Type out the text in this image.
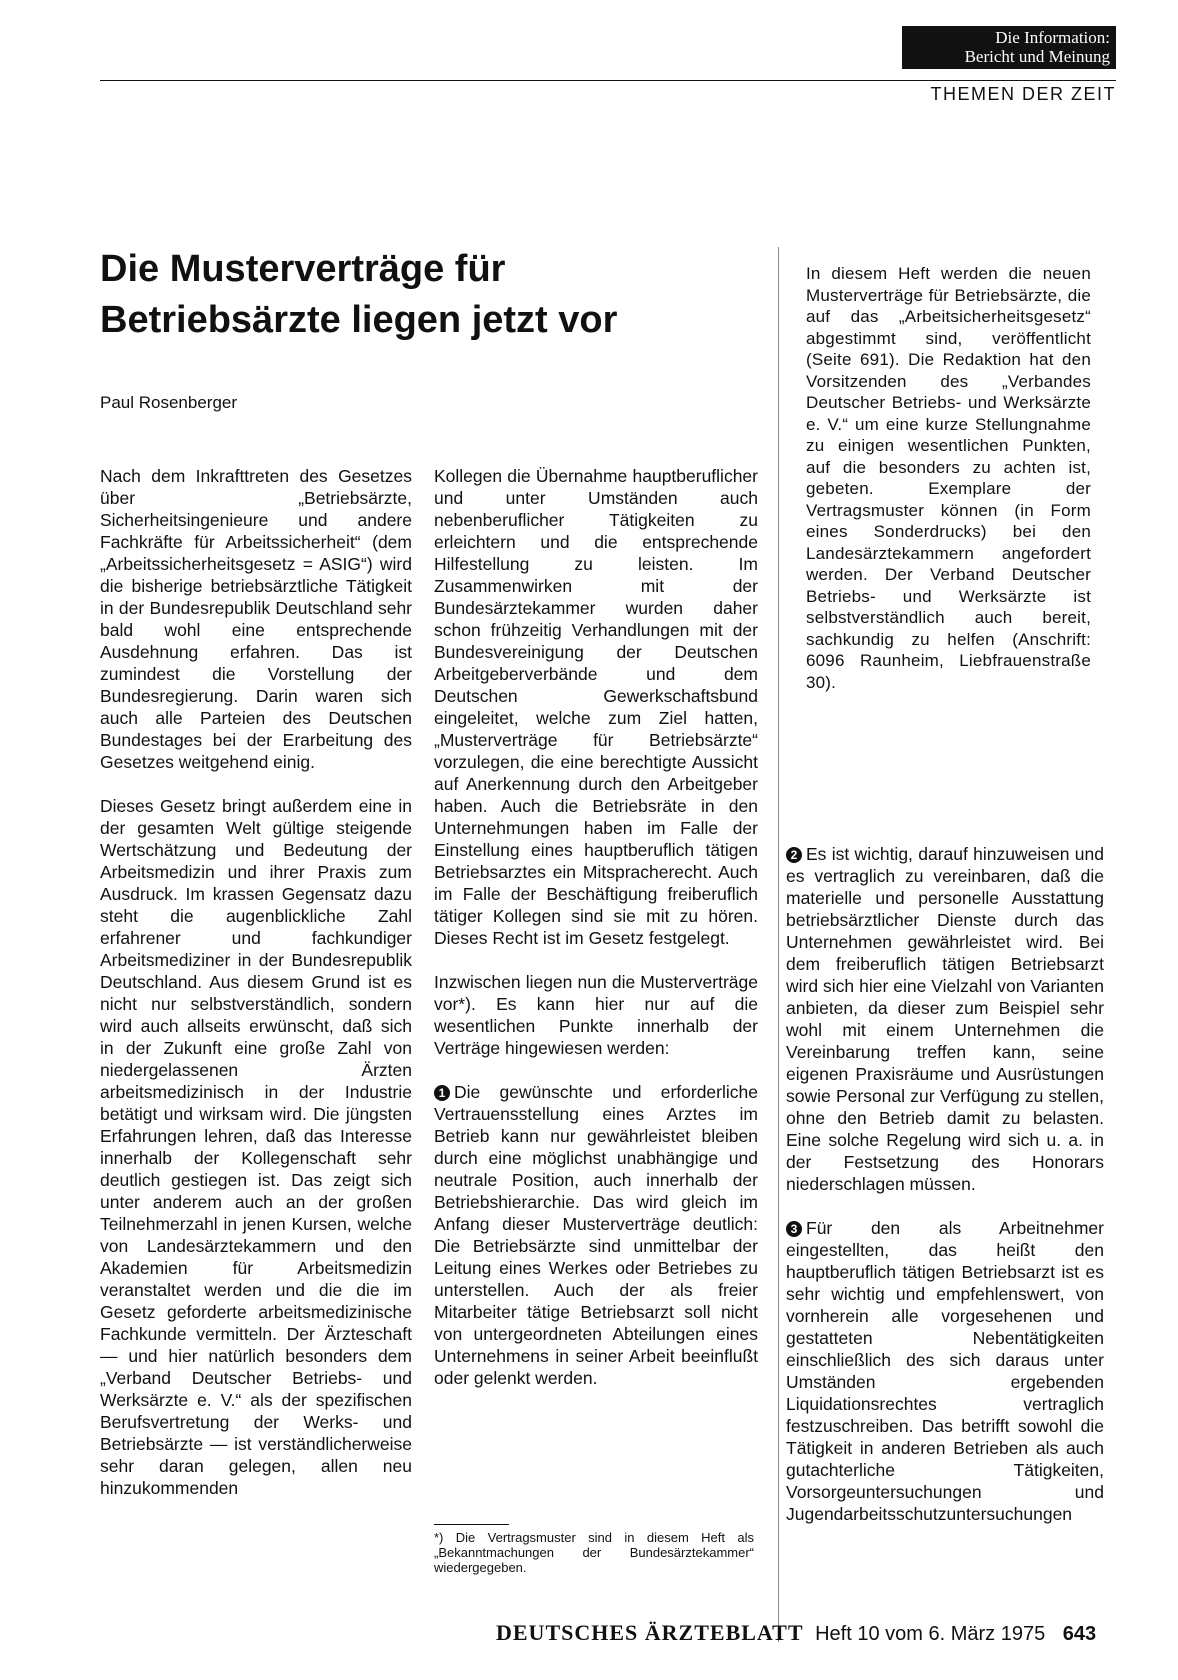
Die Information:
Bericht und Meinung
THEMEN DER ZEIT
Die Musterverträge für
Betriebsärzte liegen jetzt vor
Paul Rosenberger

Nach dem Inkrafttreten des Gesetzes über „Betriebsärzte, Sicherheitsingenieure und andere Fachkräfte für Arbeitssicherheit“ (dem „Arbeitssicherheitsgesetz = ASIG“) wird die bisherige betriebsärztliche Tätigkeit in der Bundesrepublik Deutschland sehr bald wohl eine entsprechende Ausdehnung erfahren. Das ist zumindest die Vorstellung der Bundesregierung. Darin waren sich auch alle Parteien des Deutschen Bundestages bei der Erarbeitung des Gesetzes weitgehend einig.

Dieses Gesetz bringt außerdem eine in der gesamten Welt gültige steigende Wertschätzung und Bedeutung der Arbeitsmedizin und ihrer Praxis zum Ausdruck. Im krassen Gegensatz dazu steht die augenblickliche Zahl erfahrener und fachkundiger Arbeitsmediziner in der Bundesrepublik Deutschland. Aus diesem Grund ist es nicht nur selbstverständlich, sondern wird auch allseits erwünscht, daß sich in der Zukunft eine große Zahl von niedergelassenen Ärzten arbeitsmedizinisch in der Industrie betätigt und wirksam wird. Die jüngsten Erfahrungen lehren, daß das Interesse innerhalb der Kollegenschaft sehr deutlich gestiegen ist. Das zeigt sich unter anderem auch an der großen Teilnehmerzahl in jenen Kursen, welche von Landesärztekammern und den Akademien für Arbeitsmedizin veranstaltet werden und die die im Gesetz geforderte arbeitsmedizinische Fachkunde vermitteln. Der Ärzteschaft — und hier natürlich besonders dem „Verband Deutscher Betriebs- und Werksärzte e. V.“ als der spezifischen Berufsvertretung der Werks- und Betriebsärzte — ist verständlicherweise sehr daran gelegen, allen neu hinzukommenden

Kollegen die Übernahme hauptberuflicher und unter Umständen auch nebenberuflicher Tätigkeiten zu erleichtern und die entsprechende Hilfestellung zu leisten. Im Zusammenwirken mit der Bundesärztekammer wurden daher schon frühzeitig Verhandlungen mit der Bundesvereinigung der Deutschen Arbeitgeberverbände und dem Deutschen Gewerkschaftsbund eingeleitet, welche zum Ziel hatten, „Musterverträge für Betriebsärzte“ vorzulegen, die eine berechtigte Aussicht auf Anerkennung durch den Arbeitgeber haben. Auch die Betriebsräte in den Unternehmungen haben im Falle der Einstellung eines hauptberuflich tätigen Betriebsarztes ein Mitspracherecht. Auch im Falle der Beschäftigung freiberuflich tätiger Kollegen sind sie mit zu hören. Dieses Recht ist im Gesetz festgelegt.

Inzwischen liegen nun die Musterverträge vor*). Es kann hier nur auf die wesentlichen Punkte innerhalb der Verträge hingewiesen werden:

1 Die gewünschte und erforderliche Vertrauensstellung eines Arztes im Betrieb kann nur gewährleistet bleiben durch eine möglichst unabhängige und neutrale Position, auch innerhalb der Betriebshierarchie. Das wird gleich im Anfang dieser Musterverträge deutlich: Die Betriebsärzte sind unmittelbar der Leitung eines Werkes oder Betriebes zu unterstellen. Auch der als freier Mitarbeiter tätige Betriebsarzt soll nicht von untergeordneten Abteilungen eines Unternehmens in seiner Arbeit beeinflußt oder gelenkt werden.

*) Die Vertragsmuster sind in diesem Heft als „Bekanntmachungen der Bundesärztekammer“ wiedergegeben.
In diesem Heft werden die neuen Musterverträge für Betriebsärzte, die auf das „Arbeitsicherheitsgesetz“ abgestimmt sind, veröffentlicht (Seite 691). Die Redaktion hat den Vorsitzenden des „Verbandes Deutscher Betriebs- und Werksärzte e. V.“ um eine kurze Stellungnahme zu einigen wesentlichen Punkten, auf die besonders zu achten ist, gebeten. Exemplare der Vertragsmuster können (in Form eines Sonderdrucks) bei den Landesärztekammern angefordert werden. Der Verband Deutscher Betriebs- und Werksärzte ist selbstverständlich auch bereit, sachkundig zu helfen (Anschrift: 6096 Raunheim, Liebfrauenstraße 30).

2 Es ist wichtig, darauf hinzuweisen und es vertraglich zu vereinbaren, daß die materielle und personelle Ausstattung betriebsärztlicher Dienste durch das Unternehmen gewährleistet wird. Bei dem freiberuflich tätigen Betriebsarzt wird sich hier eine Vielzahl von Varianten anbieten, da dieser zum Beispiel sehr wohl mit einem Unternehmen die Vereinbarung treffen kann, seine eigenen Praxisräume und Ausrüstungen sowie Personal zur Verfügung zu stellen, ohne den Betrieb damit zu belasten. Eine solche Regelung wird sich u. a. in der Festsetzung des Honorars niederschlagen müssen.

3 Für den als Arbeitnehmer eingestellten, das heißt den hauptberuflich tätigen Betriebsarzt ist es sehr wichtig und empfehlenswert, von vornherein alle vorgesehenen und gestatteten Nebentätigkeiten einschließlich des sich daraus unter Umständen ergebenden Liquidationsrechtes vertraglich festzuschreiben. Das betrifft sowohl die Tätigkeit in anderen Betrieben als auch gutachterliche Tätigkeiten, Vorsorgeuntersuchungen und Jugendarbeitsschutzuntersuchungen

DEUTSCHES ÄRZTEBLATT Heft 10 vom 6. März 1975 643
